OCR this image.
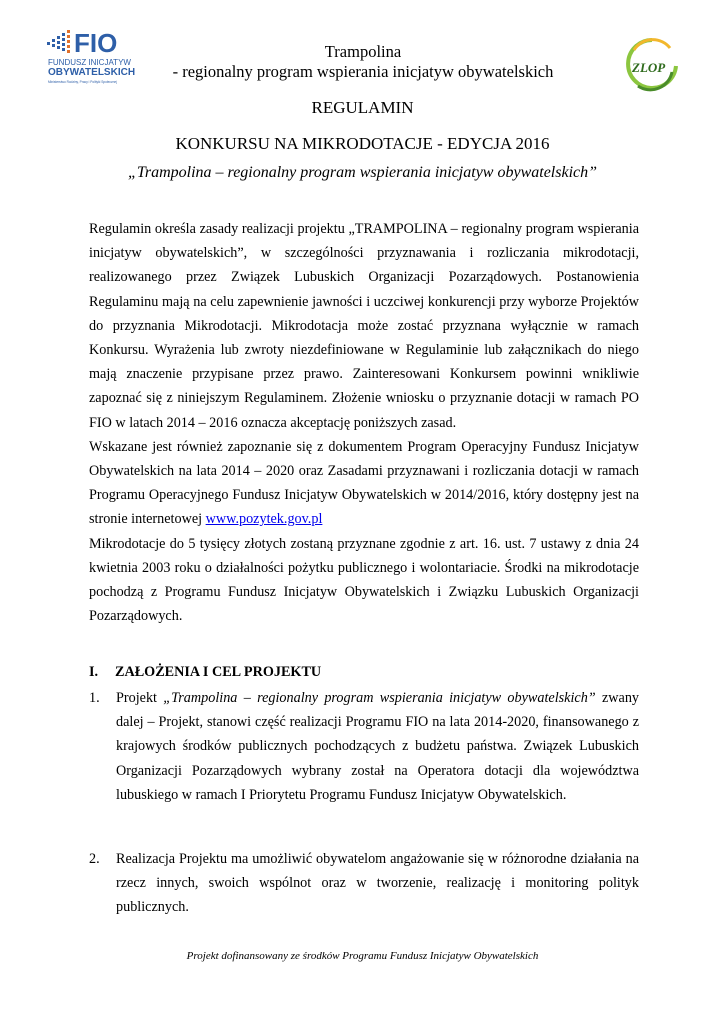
FIO
FUNDUSZ INICJATYW
OBYWATELSKICH
Ministerstwo Rodziny, Pracy i Polityki Społecznej
ZLOP
Trampolina
- regionalny program wspierania inicjatyw obywatelskich
REGULAMIN
KONKURSU NA MIKRODOTACJE - EDYCJA 2016
„Trampolina – regionalny program wspierania inicjatyw obywatelskich”

Regulamin określa zasady realizacji projektu „TRAMPOLINA – regionalny program wspierania inicjatyw obywatelskich”, w szczególności przyznawania i rozliczania mikrodotacji, realizowanego przez Związek Lubuskich Organizacji Pozarządowych. Postanowienia Regulaminu mają na celu zapewnienie jawności i uczciwej konkurencji przy wyborze Projektów do przyznania Mikrodotacji. Mikrodotacja może zostać przyznana wyłącznie w ramach Konkursu. Wyrażenia lub zwroty niezdefiniowane w Regulaminie lub załącznikach do niego mają znaczenie przypisane przez prawo. Zainteresowani Konkursem powinni wnikliwie zapoznać się z niniejszym Regulaminem. Złożenie wniosku o przyznanie dotacji w ramach PO FIO w latach 2014 – 2016 oznacza akceptację poniższych zasad.

Wskazane jest również zapoznanie się z dokumentem Program Operacyjny Fundusz Inicjatyw Obywatelskich na lata 2014 – 2020 oraz Zasadami przyznawani i rozliczania dotacji w ramach Programu Operacyjnego Fundusz Inicjatyw Obywatelskich w 2014/2016, który dostępny jest na stronie internetowej www.pozytek.gov.pl

Mikrodotacje do 5 tysięcy złotych zostaną przyznane zgodnie z art. 16. ust. 7 ustawy z dnia 24 kwietnia 2003 roku o działalności pożytku publicznego i wolontariacie. Środki na mikrodotacje pochodzą z Programu Fundusz Inicjatyw Obywatelskich i Związku Lubuskich Organizacji Pozarządowych.

I. ZAŁOŻENIA I CEL PROJEKTU
1. Projekt „Trampolina – regionalny program wspierania inicjatyw obywatelskich” zwany dalej – Projekt, stanowi część realizacji Programu FIO na lata 2014-2020, finansowanego z krajowych środków publicznych pochodzących z budżetu państwa. Związek Lubuskich Organizacji Pozarządowych wybrany został na Operatora dotacji dla województwa lubuskiego w ramach I Priorytetu Programu Fundusz Inicjatyw Obywatelskich.
2. Realizacja Projektu ma umożliwić obywatelom angażowanie się w różnorodne działania na rzecz innych, swoich wspólnot oraz w tworzenie, realizację i monitoring polityk publicznych.
Projekt dofinansowany ze środków Programu Fundusz Inicjatyw Obywatelskich
